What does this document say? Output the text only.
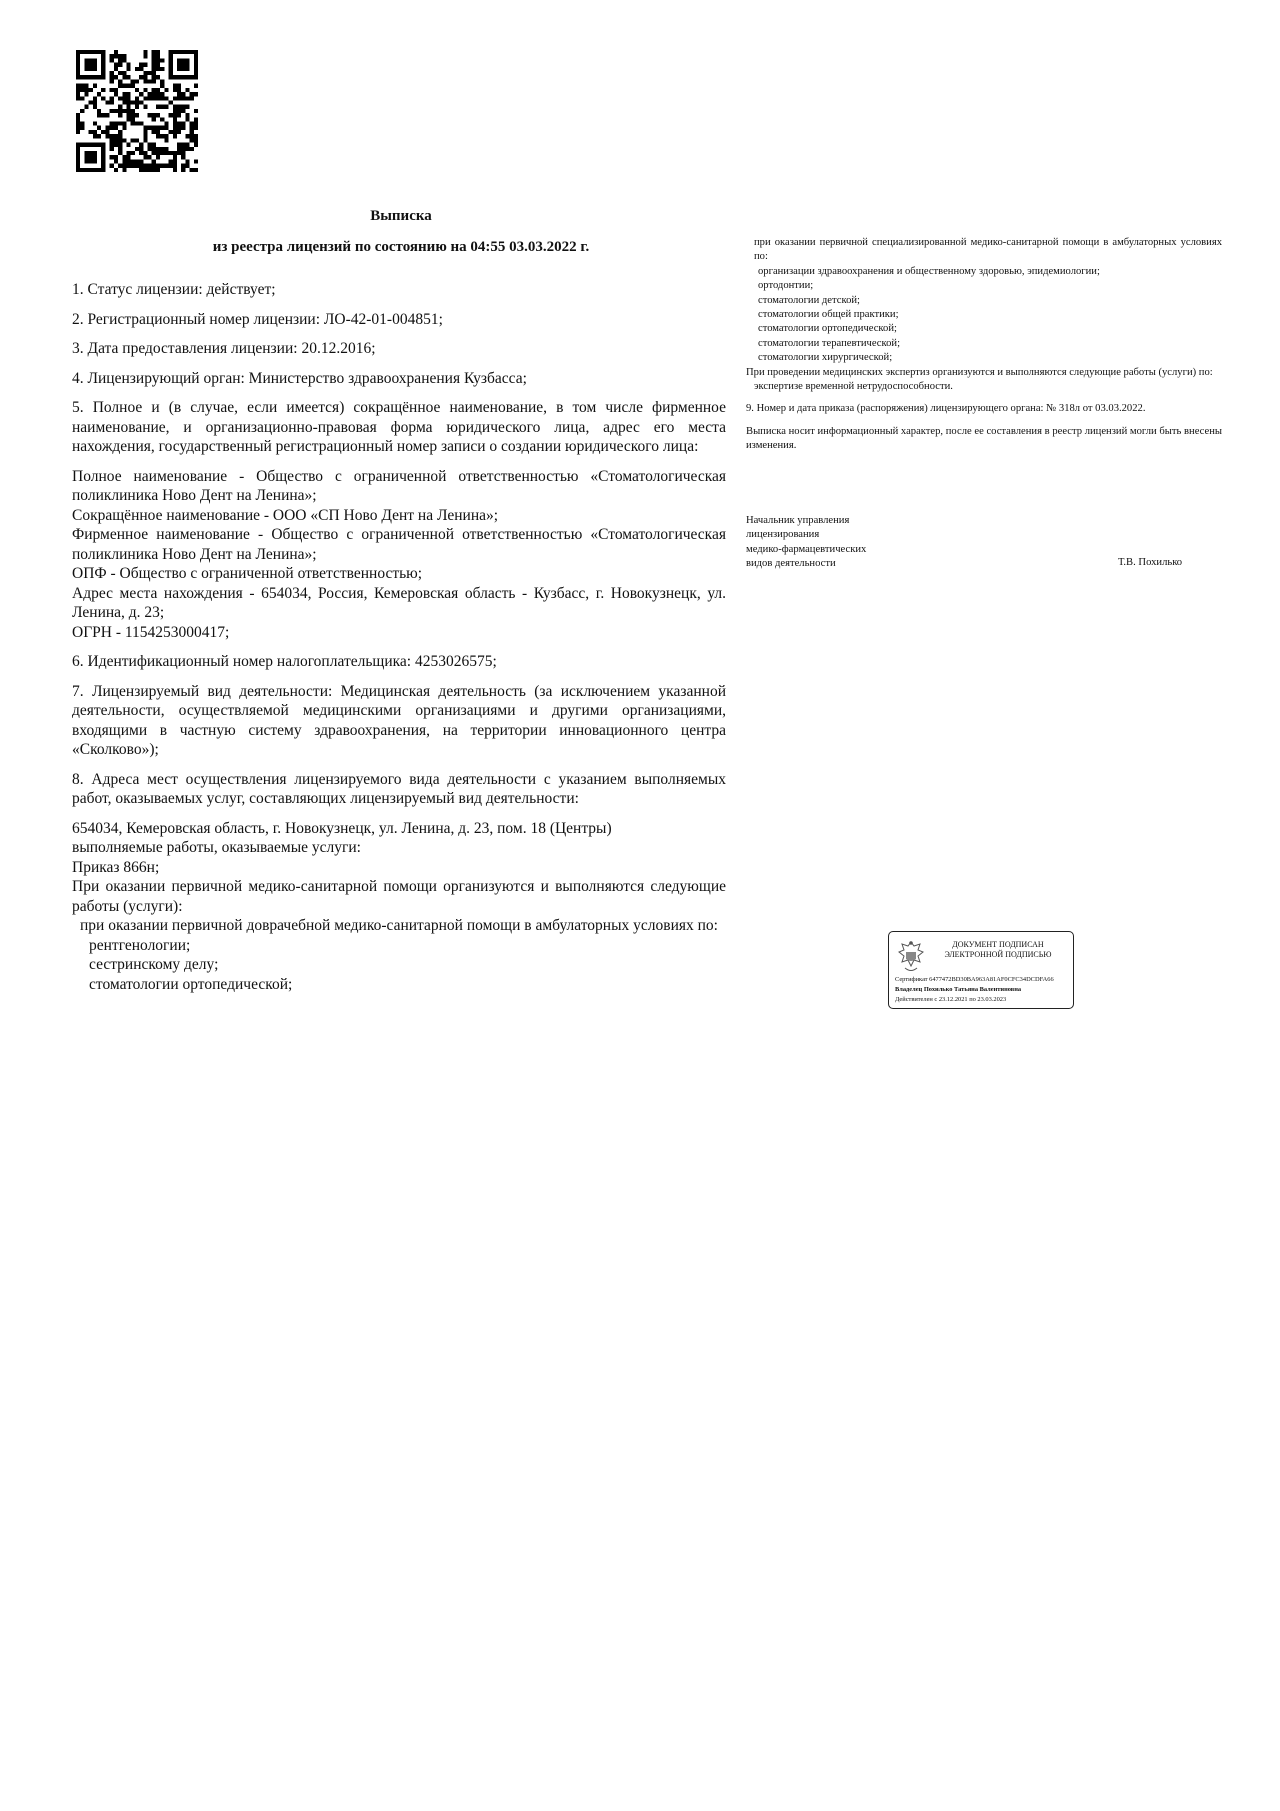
Выписка
из реестра лицензий по состоянию на 04:55 03.03.2022 г.

1. Статус лицензии: действует;

2. Регистрационный номер лицензии: ЛО-42-01-004851;

3. Дата предоставления лицензии: 20.12.2016;

4. Лицензирующий орган: Министерство здравоохранения Кузбасса;

5. Полное и (в случае, если имеется) сокращённое наименование, в том числе фирменное наименование, и организационно-правовая форма юридического лица, адрес его места нахождения, государственный регистрационный номер записи о создании юридического лица:

Полное наименование - Общество с ограниченной ответственностью «Стоматологическая поликлиника Ново Дент на Ленина»;

Сокращённое наименование - ООО «СП Ново Дент на Ленина»;

Фирменное наименование - Общество с ограниченной ответственностью «Стоматологическая поликлиника Ново Дент на Ленина»;

ОПФ - Общество с ограниченной ответственностью;

Адрес места нахождения - 654034, Россия, Кемеровская область - Кузбасс, г. Новокузнецк, ул. Ленина, д. 23;

ОГРН - 1154253000417;

6. Идентификационный номер налогоплательщика: 4253026575;

7. Лицензируемый вид деятельности: Медицинская деятельность (за исключением указанной деятельности, осуществляемой медицинскими организациями и другими организациями, входящими в частную систему здравоохранения, на территории инновационного центра «Сколково»);

8. Адреса мест осуществления лицензируемого вида деятельности с указанием выполняемых работ, оказываемых услуг, составляющих лицензируемый вид деятельности:

654034, Кемеровская область, г. Новокузнецк, ул. Ленина, д. 23, пом. 18 (Центры)

выполняемые работы, оказываемые услуги:

Приказ 866н;

При оказании первичной медико-санитарной помощи организуются и выполняются следующие работы (услуги):

при оказании первичной доврачебной медико-санитарной помощи в амбулаторных условиях по:

рентгенологии;

сестринскому делу;

стоматологии ортопедической;

при оказании первичной специализированной медико-санитарной помощи в амбулаторных условиях по:

организации здравоохранения и общественному здоровью, эпидемиологии;

ортодонтии;

стоматологии детской;

стоматологии общей практики;

стоматологии ортопедической;

стоматологии терапевтической;

стоматологии хирургической;

При проведении медицинских экспертиз организуются и выполняются следующие работы (услуги) по:

экспертизе временной нетрудоспособности.

9. Номер и дата приказа (распоряжения) лицензирующего органа: № 318л от 03.03.2022.

Выписка носит информационный характер, после ее составления в реестр лицензий могли быть внесены изменения.

Начальник управления
лицензирования
медико-фармацевтических
видов деятельности	Т.В. Похилько
ДОКУМЕНТ ПОДПИСАН
ЭЛЕКТРОННОЙ ПОДПИСЬЮ
Сертификат 6477472BD30BA963A81AF0CFC34DCDFA66
Владелец Похилько Татьяна Валентиновна
Действителен с 23.12.2021 по 23.03.2023
